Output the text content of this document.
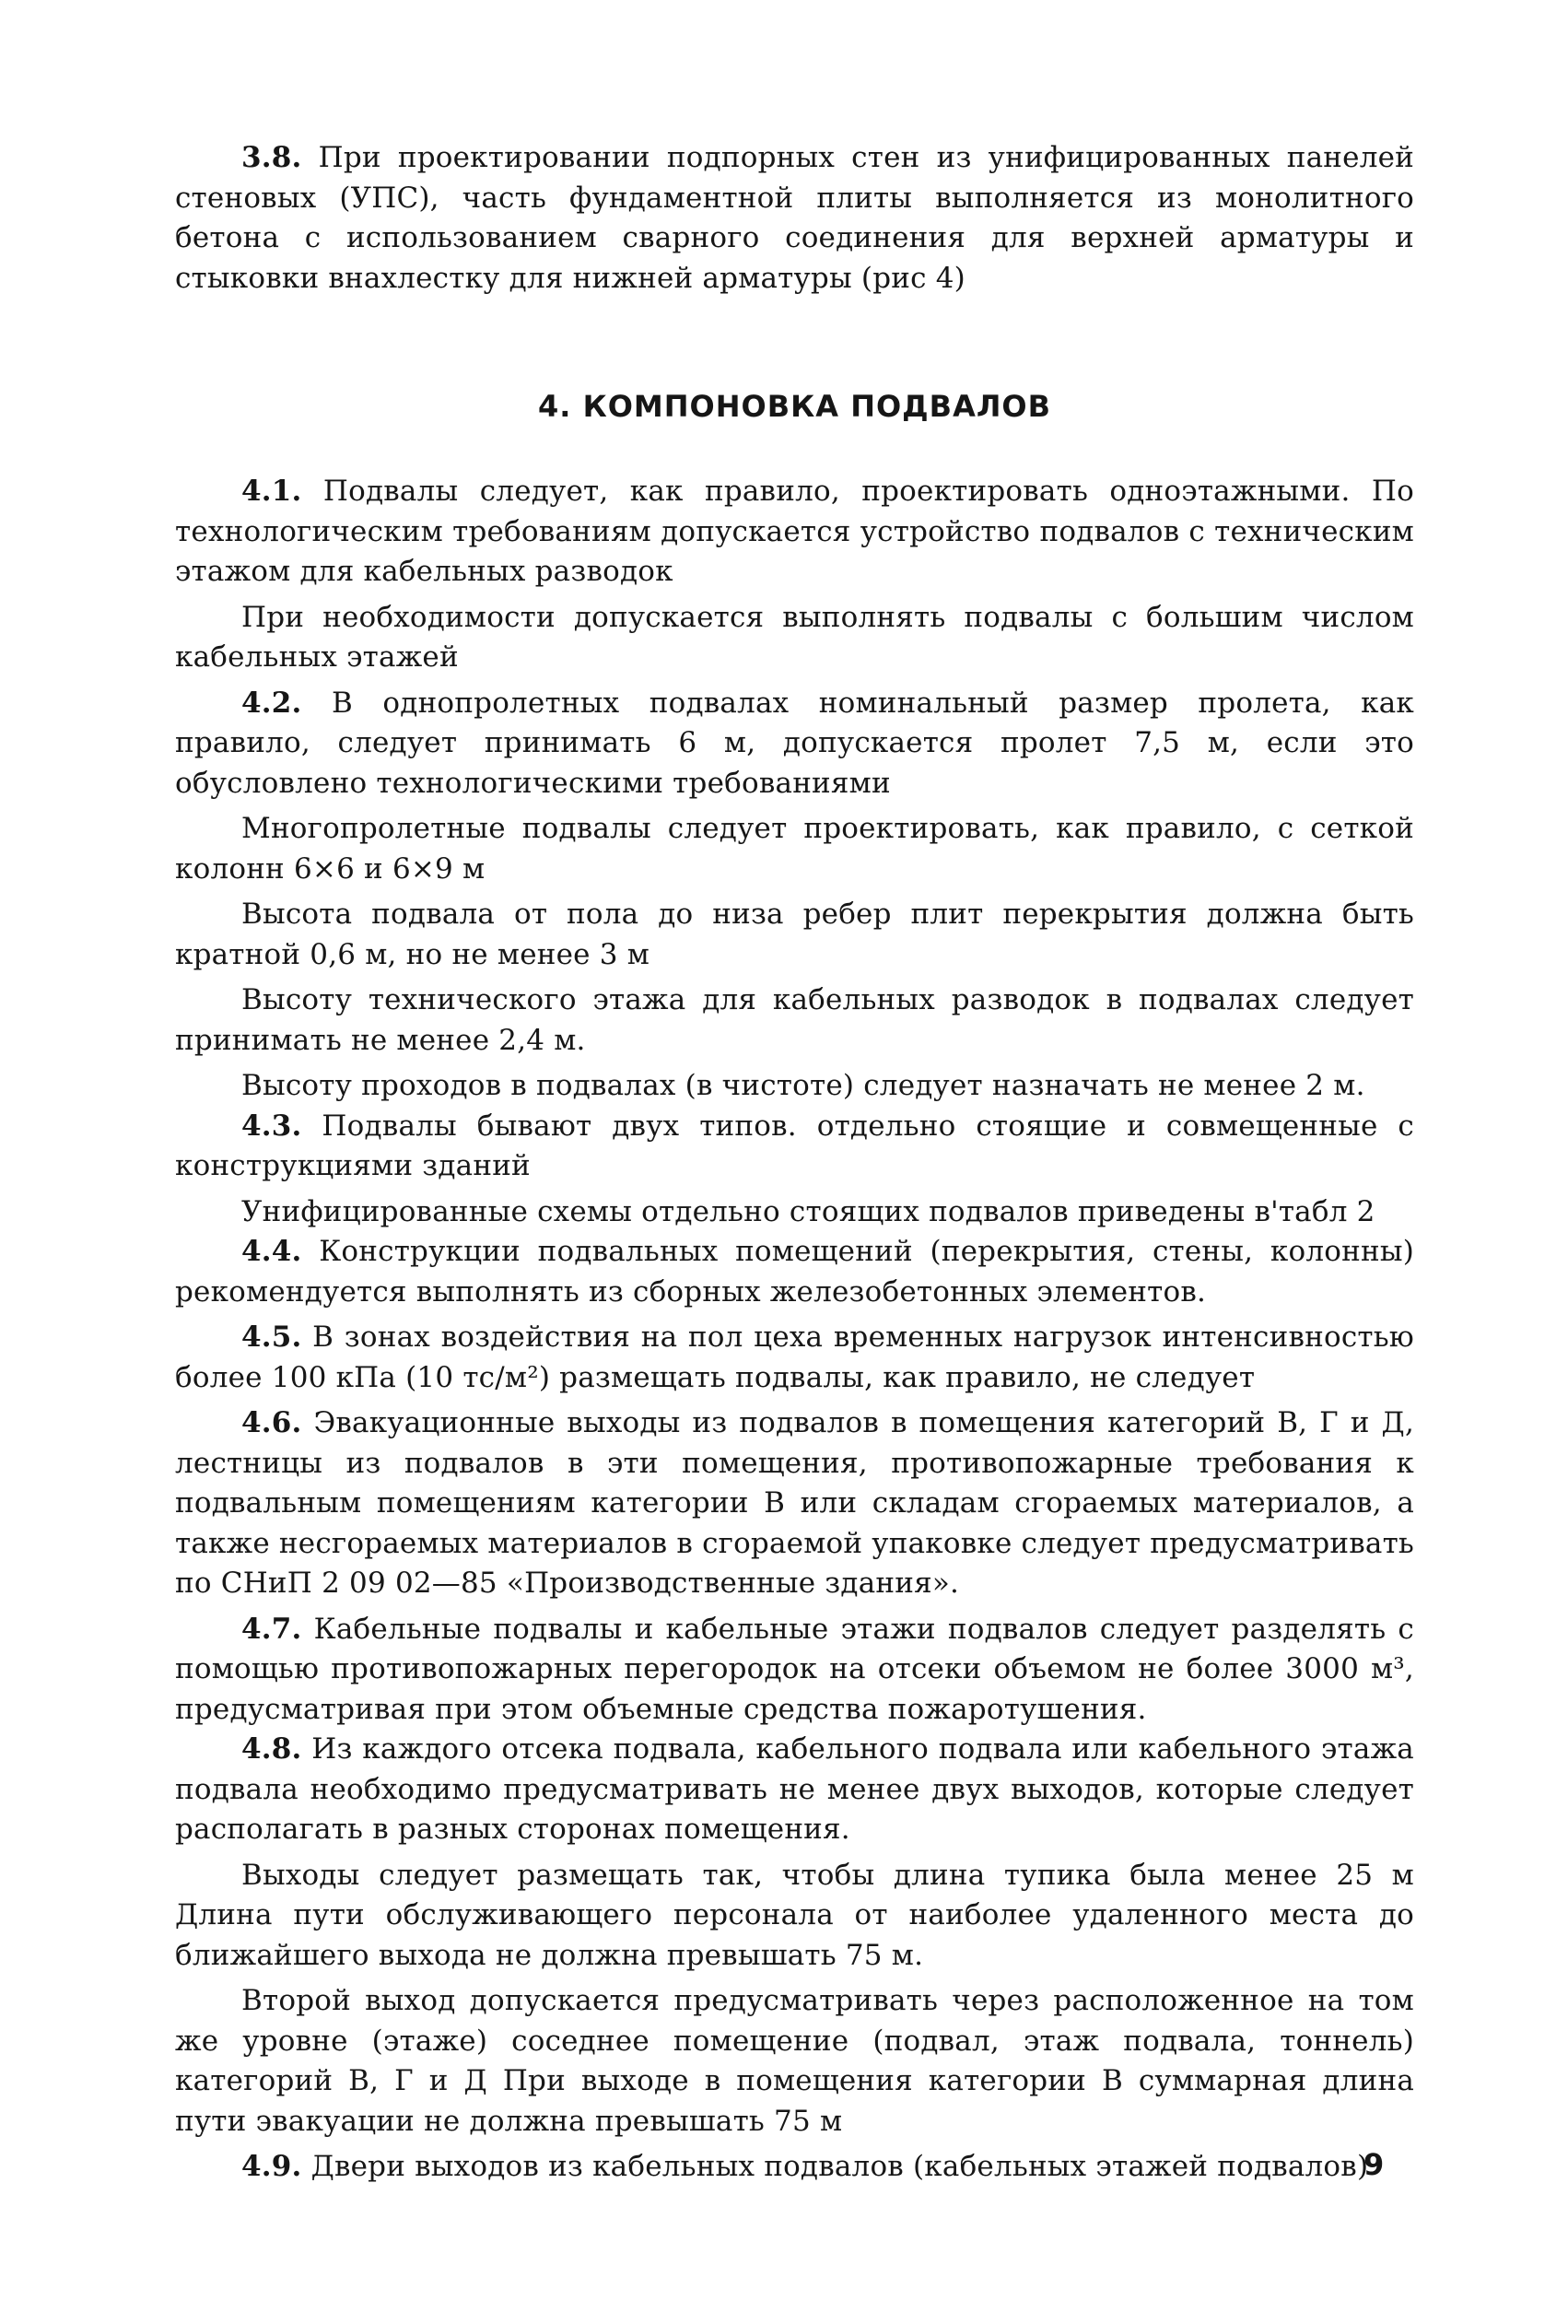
3.8. При проектировании подпорных стен из унифицированных панелей стеновых (УПС), часть фундаментной плиты выполняется из монолитного бетона с использованием сварного соединения для верхней арматуры и стыковки внахлестку для нижней арматуры (рис 4)

4. КОМПОНОВКА ПОДВАЛОВ

4.1. Подвалы следует, как правило, проектировать одноэтажными. По технологическим требованиям допускается устройство подвалов с техническим этажом для кабельных разводок

При необходимости допускается выполнять подвалы с большим числом кабельных этажей

4.2. В однопролетных подвалах номинальный размер пролета, как правило, следует принимать 6 м, допускается пролет 7,5 м, если это обусловлено технологическими требованиями

Многопролетные подвалы следует проектировать, как правило, с сеткой колонн 6×6 и 6×9 м

Высота подвала от пола до низа ребер плит перекрытия должна быть кратной 0,6 м, но не менее 3 м

Высоту технического этажа для кабельных разводок в подвалах следует принимать не менее 2,4 м.

Высоту проходов в подвалах (в чистоте) следует назначать не менее 2 м.

4.3. Подвалы бывают двух типов. отдельно стоящие и совмещенные с конструкциями зданий

Унифицированные схемы отдельно стоящих подвалов приведены в'табл 2

4.4. Конструкции подвальных помещений (перекрытия, стены, колонны) рекомендуется выполнять из сборных железобетонных элементов.

4.5. В зонах воздействия на пол цеха временных нагрузок интенсивностью более 100 кПа (10 тс/м²) размещать подвалы, как правило, не следует

4.6. Эвакуационные выходы из подвалов в помещения категорий В, Г и Д, лестницы из подвалов в эти помещения, противопожарные требования к подвальным помещениям категории В или складам сгораемых материалов, а также несгораемых материалов в сгораемой упаковке следует предусматривать по СНиП 2 09 02—85 «Производственные здания».

4.7. Кабельные подвалы и кабельные этажи подвалов следует разделять с помощью противопожарных перегородок на отсеки объемом не более 3000 м³, предусматривая при этом объемные средства пожаротушения.

4.8. Из каждого отсека подвала, кабельного подвала или кабельного этажа подвала необходимо предусматривать не менее двух выходов, которые следует располагать в разных сторонах помещения.

Выходы следует размещать так, чтобы длина тупика была менее 25 м Длина пути обслуживающего персонала от наиболее удаленного места до ближайшего выхода не должна превышать 75 м.

Второй выход допускается предусматривать через расположенное на том же уровне (этаже) соседнее помещение (подвал, этаж подвала, тоннель) категорий В, Г и Д При выходе в помещения категории В суммарная длина пути эвакуации не должна превышать 75 м

4.9. Двери выходов из кабельных подвалов (кабельных этажей подвалов)

9
